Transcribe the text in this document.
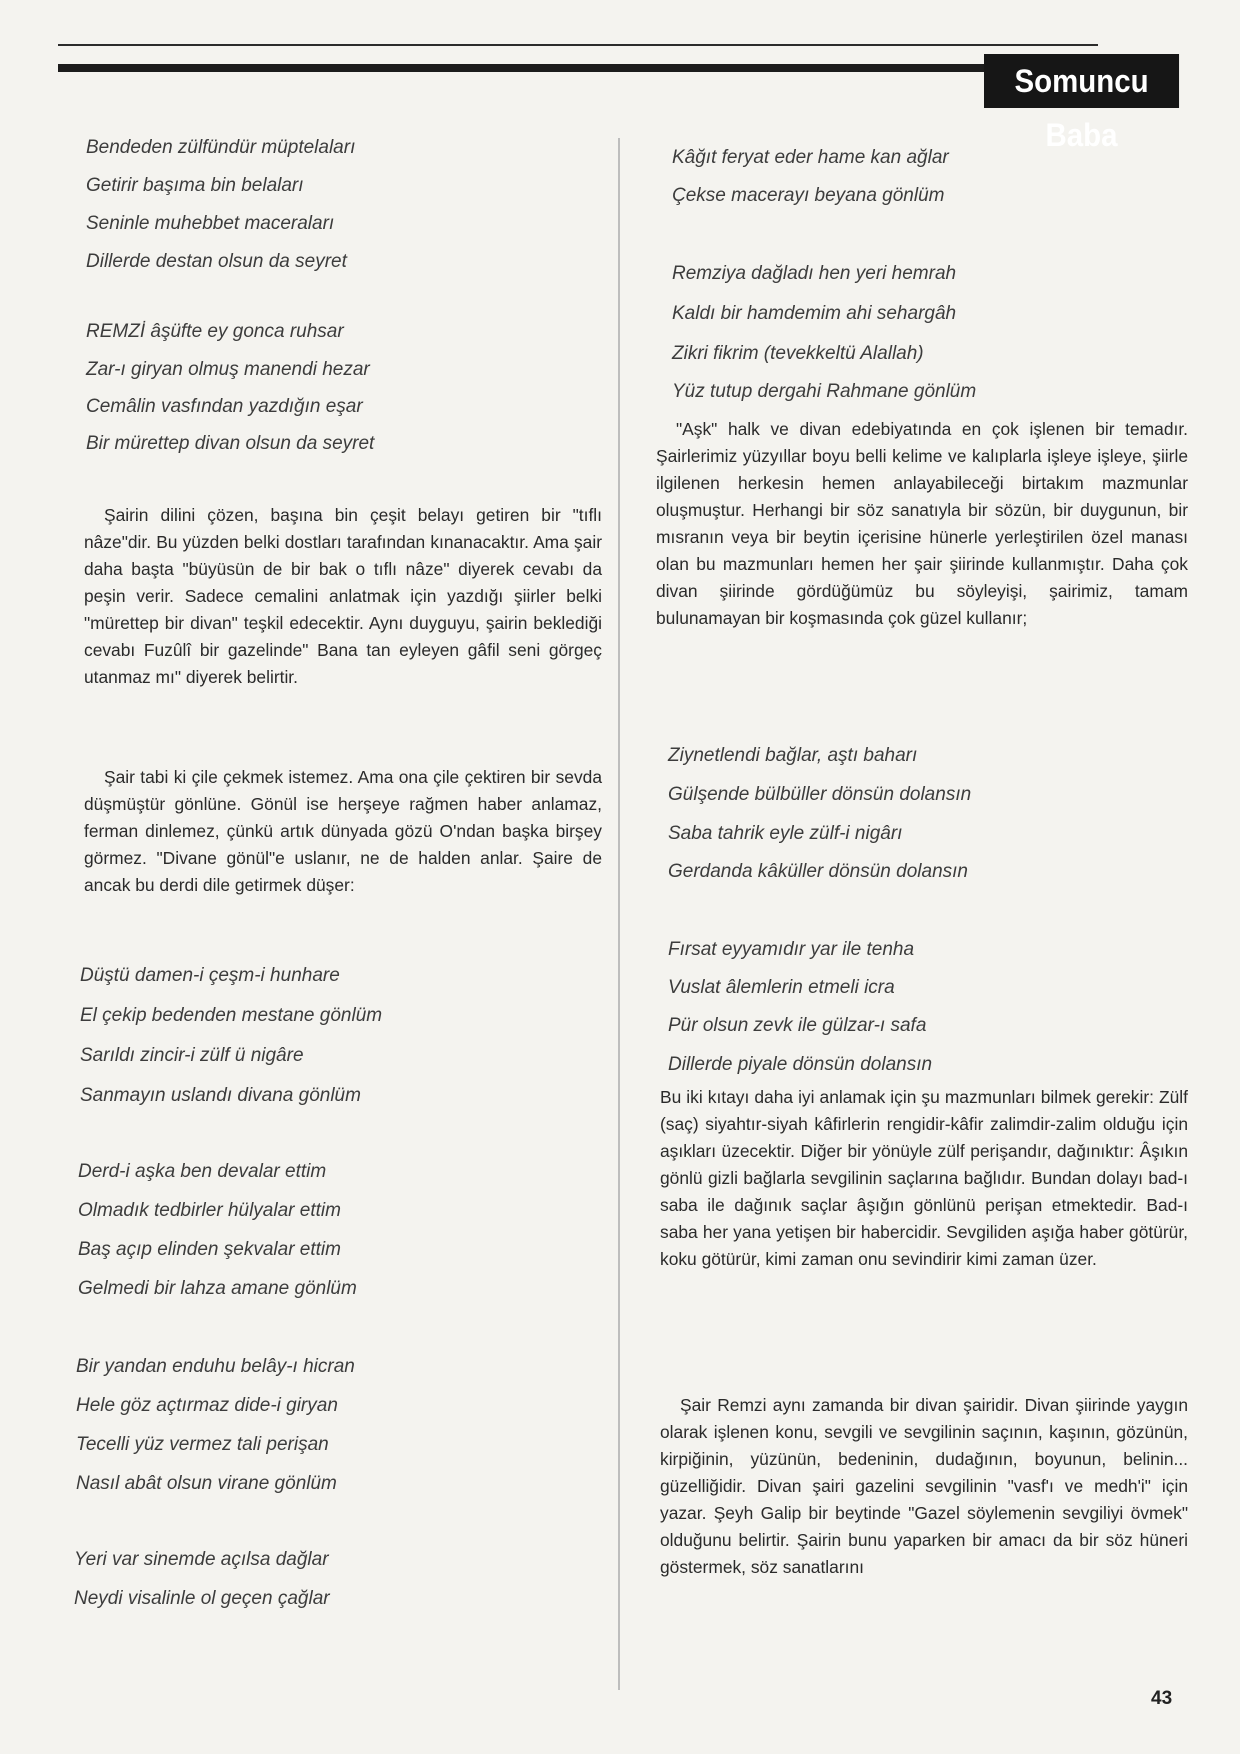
Somuncu Baba
Bendeden zülfündür müptelaları
Getirir başıma bin belaları
Seninle muhebbet maceraları
Dillerde destan olsun da seyret
REMZİ âşüfte ey gonca ruhsar
Zar-ı giryan olmuş manendi hezar
Cemâlin vasfından yazdığın eşar
Bir mürettep divan olsun da seyret
Şairin dilini çözen, başına bin çeşit belayı getiren bir "tıflı nâze"dir. Bu yüzden belki dostları tarafından kınanacaktır. Ama şair daha başta "büyüsün de bir bak o tıflı nâze" diyerek cevabı da peşin verir. Sadece cemalini anlatmak için yazdığı şiirler belki "mürettep bir divan" teşkil edecektir. Aynı duyguyu, şairin beklediği cevabı Fuzûlî bir gazelinde" Bana tan eyleyen gâfil seni görgeç utanmaz mı" diyerek belirtir.
Şair tabi ki çile çekmek istemez. Ama ona çile çektiren bir sevda düşmüştür gönlüne. Gönül ise herşeye rağmen haber anlamaz, ferman dinlemez, çünkü artık dünyada gözü O'ndan başka birşey görmez. "Divane gönül"e uslanır, ne de halden anlar. Şaire de ancak bu derdi dile getirmek düşer:
Düştü damen-i çeşm-i hunhare
El çekip bedenden mestane gönlüm
Sarıldı zincir-i zülf ü nigâre
Sanmayın uslandı divana gönlüm
Derd-i aşka ben devalar ettim
Olmadık tedbirler hülyalar ettim
Baş açıp elinden şekvalar ettim
Gelmedi bir lahza amane gönlüm
Bir yandan enduhu belây-ı hicran
Hele göz açtırmaz dide-i giryan
Tecelli yüz vermez tali perişan
Nasıl abât olsun virane gönlüm
Yeri var sinemde açılsa dağlar
Neydi visalinle ol geçen çağlar
Kâğıt feryat eder hame kan ağlar
Çekse macerayı beyana gönlüm
Remziya dağladı hen yeri hemrah
Kaldı bir hamdemim ahi sehargâh
Zikri fikrim (tevekkeltü Alallah)
Yüz tutup dergahi Rahmane gönlüm
"Aşk" halk ve divan edebiyatında en çok işlenen bir temadır. Şairlerimiz yüzyıllar boyu belli kelime ve kalıplarla işleye işleye, şiirle ilgilenen herkesin hemen anlayabileceği birtakım mazmunlar oluşmuştur. Herhangi bir söz sanatıyla bir sözün, bir duygunun, bir mısranın veya bir beytin içerisine hünerle yerleştirilen özel manası olan bu mazmunları hemen her şair şiirinde kullanmıştır. Daha çok divan şiirinde gördüğümüz bu söyleyişi, şairimiz, tamam bulunamayan bir koşmasında çok güzel kullanır;
Ziynetlendi bağlar, aştı baharı
Gülşende bülbüller dönsün dolansın
Saba tahrik eyle zülf-i nigârı
Gerdanda kâküller dönsün dolansın
Fırsat eyyamıdır yar ile tenha
Vuslat âlemlerin etmeli icra
Pür olsun zevk ile gülzar-ı safa
Dillerde piyale dönsün dolansın
Bu iki kıtayı daha iyi anlamak için şu mazmunları bilmek gerekir: Zülf (saç) siyahtır-siyah kâfirlerin rengidir-kâfir zalimdir-zalim olduğu için aşıkları üzecektir. Diğer bir yönüyle zülf perişandır, dağınıktır: Âşıkın gönlü gizli bağlarla sevgilinin saçlarına bağlıdır. Bundan dolayı bad-ı saba ile dağınık saçlar âşığın gönlünü perişan etmektedir. Bad-ı saba her yana yetişen bir habercidir. Sevgiliden aşığa haber götürür, koku götürür, kimi zaman onu sevindirir kimi zaman üzer.
Şair Remzi aynı zamanda bir divan şairidir. Divan şiirinde yaygın olarak işlenen konu, sevgili ve sevgilinin saçının, kaşının, gözünün, kirpiğinin, yüzünün, bedeninin, dudağının, boyunun, belinin... güzelliğidir. Divan şairi gazelini sevgilinin "vasf'ı ve medh'i" için yazar. Şeyh Galip bir beytinde "Gazel söylemenin sevgiliyi övmek" olduğunu belirtir. Şairin bunu yaparken bir amacı da bir söz hüneri göstermek, söz sanatlarını
43
